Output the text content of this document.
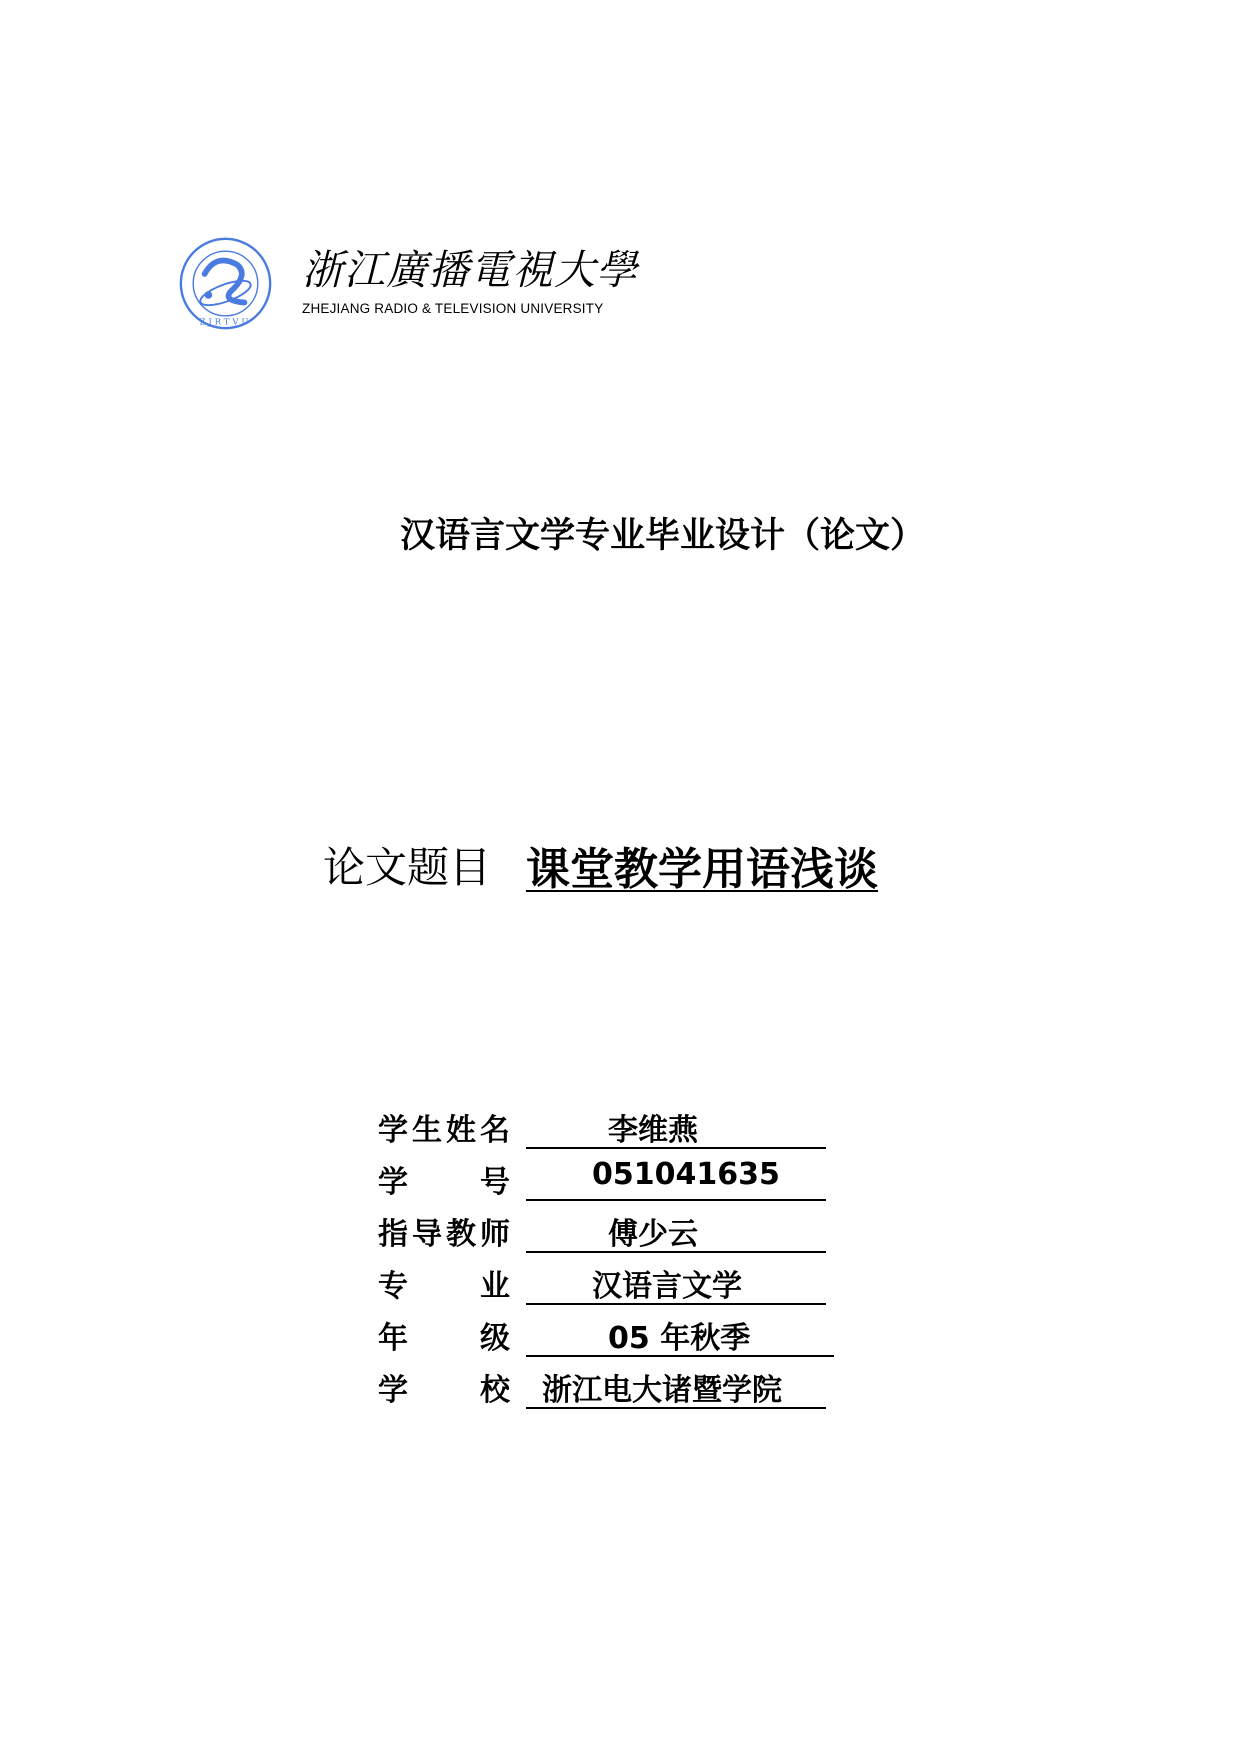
ZJRTVU
浙江廣播電視大學
ZHEJIANG RADIO & TELEVISION UNIVERSITY
汉语言文学专业毕业设计（论文）
论文题目 课堂教学用语浅谈
学生姓名	李维燕
学　　号	051041635
指导教师	傅少云
专　　业	汉语言文学
年　　级	05 年秋季
学　　校 浙江电大诸暨学院
